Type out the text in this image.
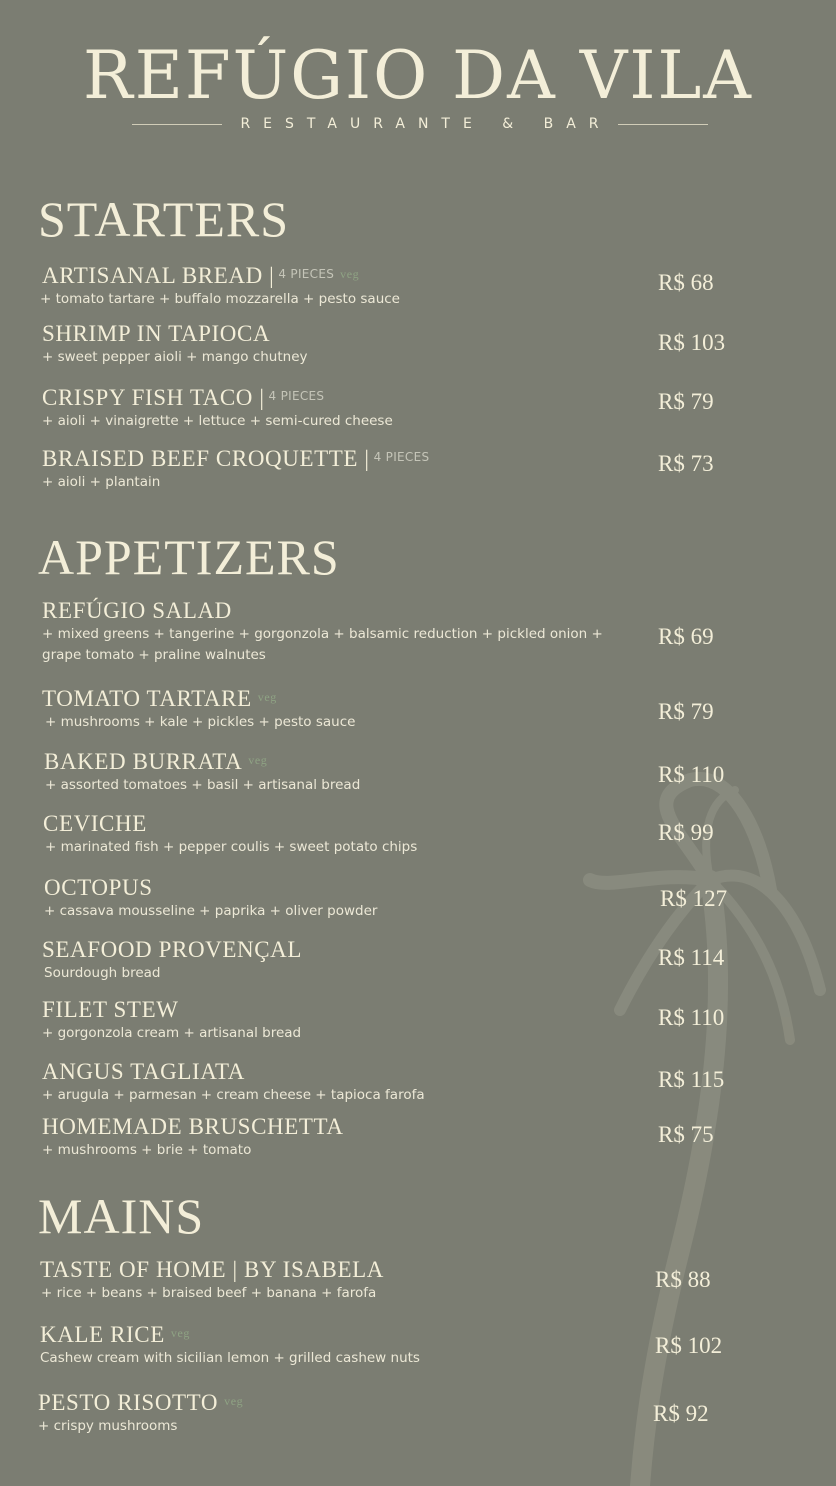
REFÚGIO DA VILA
RESTAURANTE & BAR
STARTERS
ARTISANAL BREAD | $^{4 PIECES}$ $^{veg}$
+ tomato tartare + buffalo mozzarella + pesto sauce
R$ 68
SHRIMP IN TAPIOCA
+ sweet pepper aioli + mango chutney
R$ 103
CRISPY FISH TACO | $^{4 PIECES}$
+ aioli + vinaigrette + lettuce + semi-cured cheese
R$ 79
BRAISED BEEF CROQUETTE | $^{4 PIECES}$
+ aioli + plantain
R$ 73
APPETIZERS
REFÚGIO SALAD
+ mixed greens + tangerine + gorgonzola + balsamic reduction + pickled onion + grape tomato + praline walnutes
R$ 69
TOMATO TARTARE $^{veg}$
+ mushrooms + kale + pickles + pesto sauce	R$ 79
BAKED BURRATA $^{veg}$
+ assorted tomatoes + basil + artisanal bread	R$ 110
CEVICHE
+ marinated fish + pepper coulis + sweet potato chips
R$ 99
OCTOPUS
+ cassava mousseline + paprika + oliver powder	R$ 127
SEAFOOD PROVENÇAL
Sourdough bread
R$ 114
FILET STEW
+ gorgonzola cream + artisanal bread
R$ 110
ANGUS TAGLIATA
+ arugula + parmesan + cream cheese + tapioca farofa
R$ 115
HOMEMADE BRUSCHETTA
+ mushrooms + brie + tomato
R$ 75
MAINS
TASTE OF HOME | BY ISABELA
+ rice + beans + braised beef + banana + farofa
R$ 88
KALE RICE $^{veg}$
Cashew cream with sicilian lemon + grilled cashew nuts	R$ 102
PESTO RISOTTO $^{veg}$
+ crispy mushrooms	R$ 92
